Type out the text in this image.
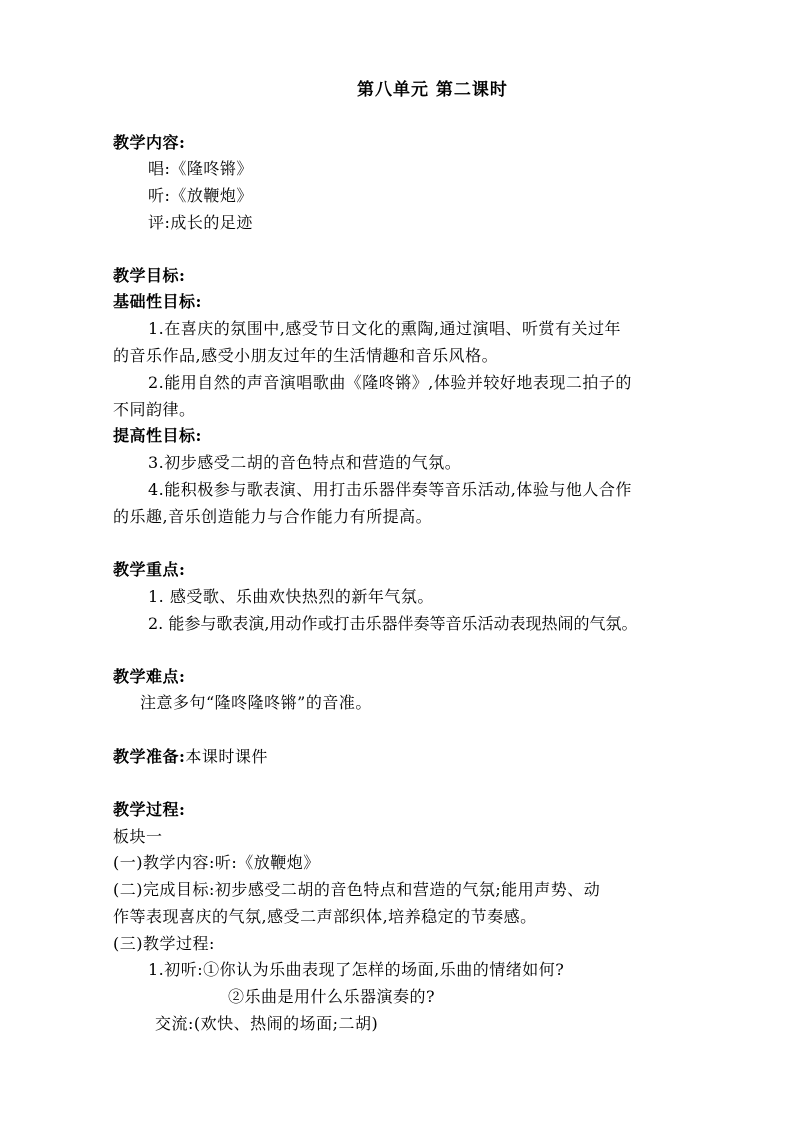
第八单元 第二课时
教学内容:
唱:《隆咚锵》
听:《放鞭炮》
评:成长的足迹
教学目标:
基础性目标:
1.在喜庆的氛围中,感受节日文化的熏陶,通过演唱、听赏有关过年
的音乐作品,感受小朋友过年的生活情趣和音乐风格。
2.能用自然的声音演唱歌曲《隆咚锵》,体验并较好地表现二拍子的
不同韵律。
提高性目标:
3.初步感受二胡的音色特点和营造的气氛。
4.能积极参与歌表演、用打击乐器伴奏等音乐活动,体验与他人合作
的乐趣,音乐创造能力与合作能力有所提高。
教学重点:
1. 感受歌、乐曲欢快热烈的新年气氛。
2. 能参与歌表演,用动作或打击乐器伴奏等音乐活动表现热闹的气氛。
教学难点:
注意多句“隆咚隆咚锵”的音准。
教学准备:本课时课件
教学过程:
板块一
(一)教学内容:听:《放鞭炮》
(二)完成目标:初步感受二胡的音色特点和营造的气氛;能用声势、动
作等表现喜庆的气氛,感受二声部织体,培养稳定的节奏感。
(三)教学过程:
1.初听:①你认为乐曲表现了怎样的场面,乐曲的情绪如何?
②乐曲是用什么乐器演奏的?
交流:(欢快、热闹的场面;二胡)
